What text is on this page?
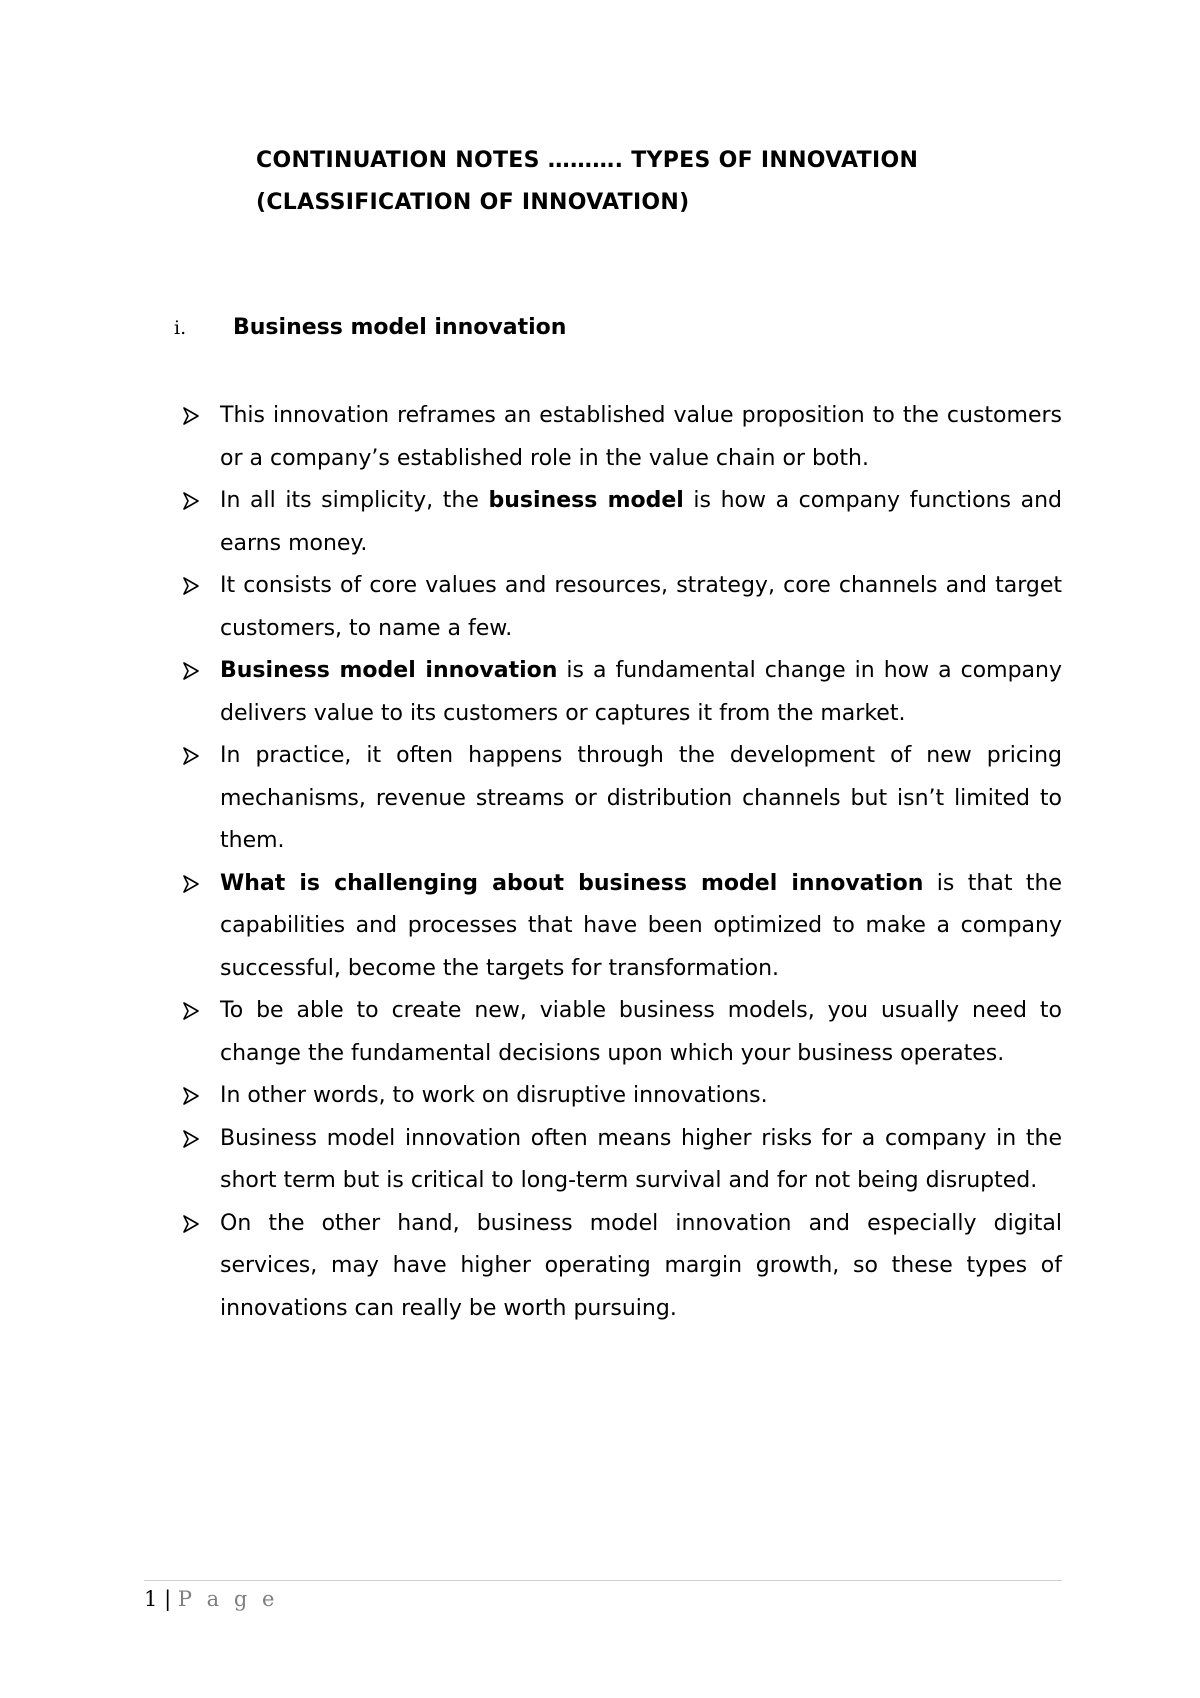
CONTINUATION NOTES ………. TYPES OF INNOVATION
(CLASSIFICATION OF INNOVATION)
i. Business model innovation
This innovation reframes an established value proposition to the customers or a company’s established role in the value chain or both.
In all its simplicity, the business model is how a company functions and earns money.
It consists of core values and resources, strategy, core channels and target customers, to name a few.
Business model innovation is a fundamental change in how a company delivers value to its customers or captures it from the market.
In practice, it often happens through the development of new pricing mechanisms, revenue streams or distribution channels but isn’t limited to them.
What is challenging about business model innovation is that the capabilities and processes that have been optimized to make a company successful, become the targets for transformation.
To be able to create new, viable business models, you usually need to change the fundamental decisions upon which your business operates.
In other words, to work on disruptive innovations.
Business model innovation often means higher risks for a company in the short term but is critical to long-term survival and for not being disrupted.
On the other hand, business model innovation and especially digital services, may have higher operating margin growth, so these types of innovations can really be worth pursuing.
1 | P a g e
